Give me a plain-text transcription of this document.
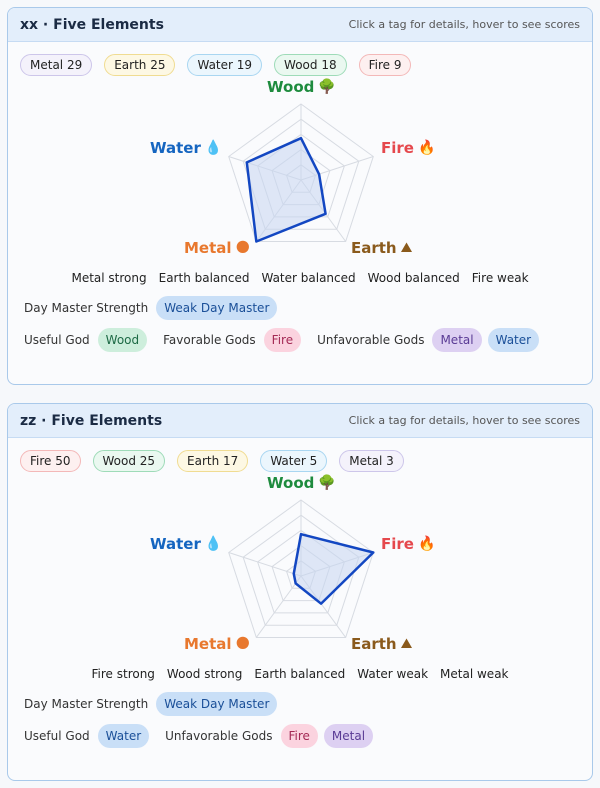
xx · Five Elements	Click a tag for details, hover to see scores
Metal 29	Earth 25	Water 19	Wood 18	Fire 9
Wood 🌳
Fire 🔥
Water 💧
Metal 🌑	Earth ⛰
Metal strong Earth balanced Water balanced Wood balanced Fire weak
Day Master Strength	Weak Day Master
Useful God	Wood	Favorable Gods	Fire	Unfavorable Gods	Metal	Water
zz · Five Elements	Click a tag for details, hover to see scores
Fire 50	Wood 25	Earth 17	Water 5	Metal 3
Wood 🌳
Fire 🔥
Water 💧
Metal 🌑	Earth ⛰
Fire strong Wood strong Earth balanced Water weak Metal weak
Day Master Strength	Weak Day Master
Useful God	Water	Unfavorable Gods	Fire	Metal
